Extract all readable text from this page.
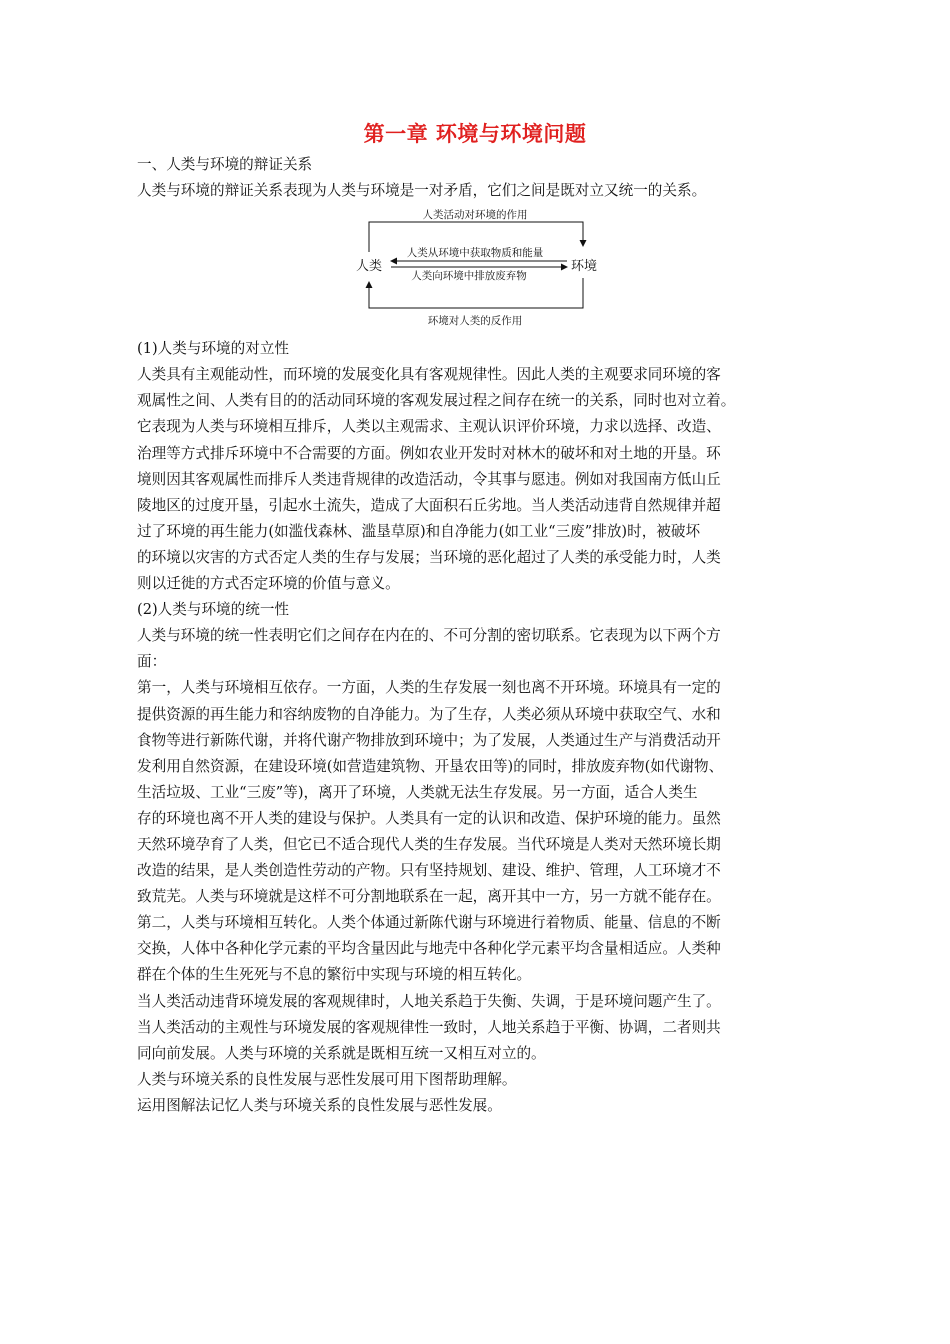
第一章 环境与环境问题

一、人类与环境的辩证关系

人类与环境的辩证关系表现为人类与环境是一对矛盾，它们之间是既对立又统一的关系。

人类活动对环境的作用
人类	环境
人类从环境中获取物质和能量
人类向环境中排放废弃物
环境对人类的反作用

(1)人类与环境的对立性

人类具有主观能动性，而环境的发展变化具有客观规律性。因此人类的主观要求同环境的客

观属性之间、人类有目的的活动同环境的客观发展过程之间存在统一的关系，同时也对立着。

它表现为人类与环境相互排斥，人类以主观需求、主观认识评价环境，力求以选择、改造、

治理等方式排斥环境中不合需要的方面。例如农业开发时对林木的破坏和对土地的开垦。环

境则因其客观属性而排斥人类违背规律的改造活动，令其事与愿违。例如对我国南方低山丘

陵地区的过度开垦，引起水土流失，造成了大面积石丘劣地。当人类活动违背自然规律并超

过了环境的再生能力(如滥伐森林、滥垦草原)和自净能力(如工业“三废”排放)时，被破坏

的环境以灾害的方式否定人类的生存与发展；当环境的恶化超过了人类的承受能力时，人类

则以迁徙的方式否定环境的价值与意义。

(2)人类与环境的统一性

人类与环境的统一性表明它们之间存在内在的、不可分割的密切联系。它表现为以下两个方

面：

第一，人类与环境相互依存。一方面，人类的生存发展一刻也离不开环境。环境具有一定的

提供资源的再生能力和容纳废物的自净能力。为了生存，人类必须从环境中获取空气、水和

食物等进行新陈代谢，并将代谢产物排放到环境中；为了发展，人类通过生产与消费活动开

发利用自然资源，在建设环境(如营造建筑物、开垦农田等)的同时，排放废弃物(如代谢物、

生活垃圾、工业“三废”等)，离开了环境，人类就无法生存发展。另一方面，适合人类生

存的环境也离不开人类的建设与保护。人类具有一定的认识和改造、保护环境的能力。虽然

天然环境孕育了人类，但它已不适合现代人类的生存发展。当代环境是人类对天然环境长期

改造的结果，是人类创造性劳动的产物。只有坚持规划、建设、维护、管理，人工环境才不

致荒芜。人类与环境就是这样不可分割地联系在一起，离开其中一方，另一方就不能存在。

第二，人类与环境相互转化。人类个体通过新陈代谢与环境进行着物质、能量、信息的不断

交换，人体中各种化学元素的平均含量因此与地壳中各种化学元素平均含量相适应。人类种

群在个体的生生死死与不息的繁衍中实现与环境的相互转化。

当人类活动违背环境发展的客观规律时，人地关系趋于失衡、失调，于是环境问题产生了。

当人类活动的主观性与环境发展的客观规律性一致时，人地关系趋于平衡、协调，二者则共

同向前发展。人类与环境的关系就是既相互统一又相互对立的。

人类与环境关系的良性发展与恶性发展可用下图帮助理解。

运用图解法记忆人类与环境关系的良性发展与恶性发展。
